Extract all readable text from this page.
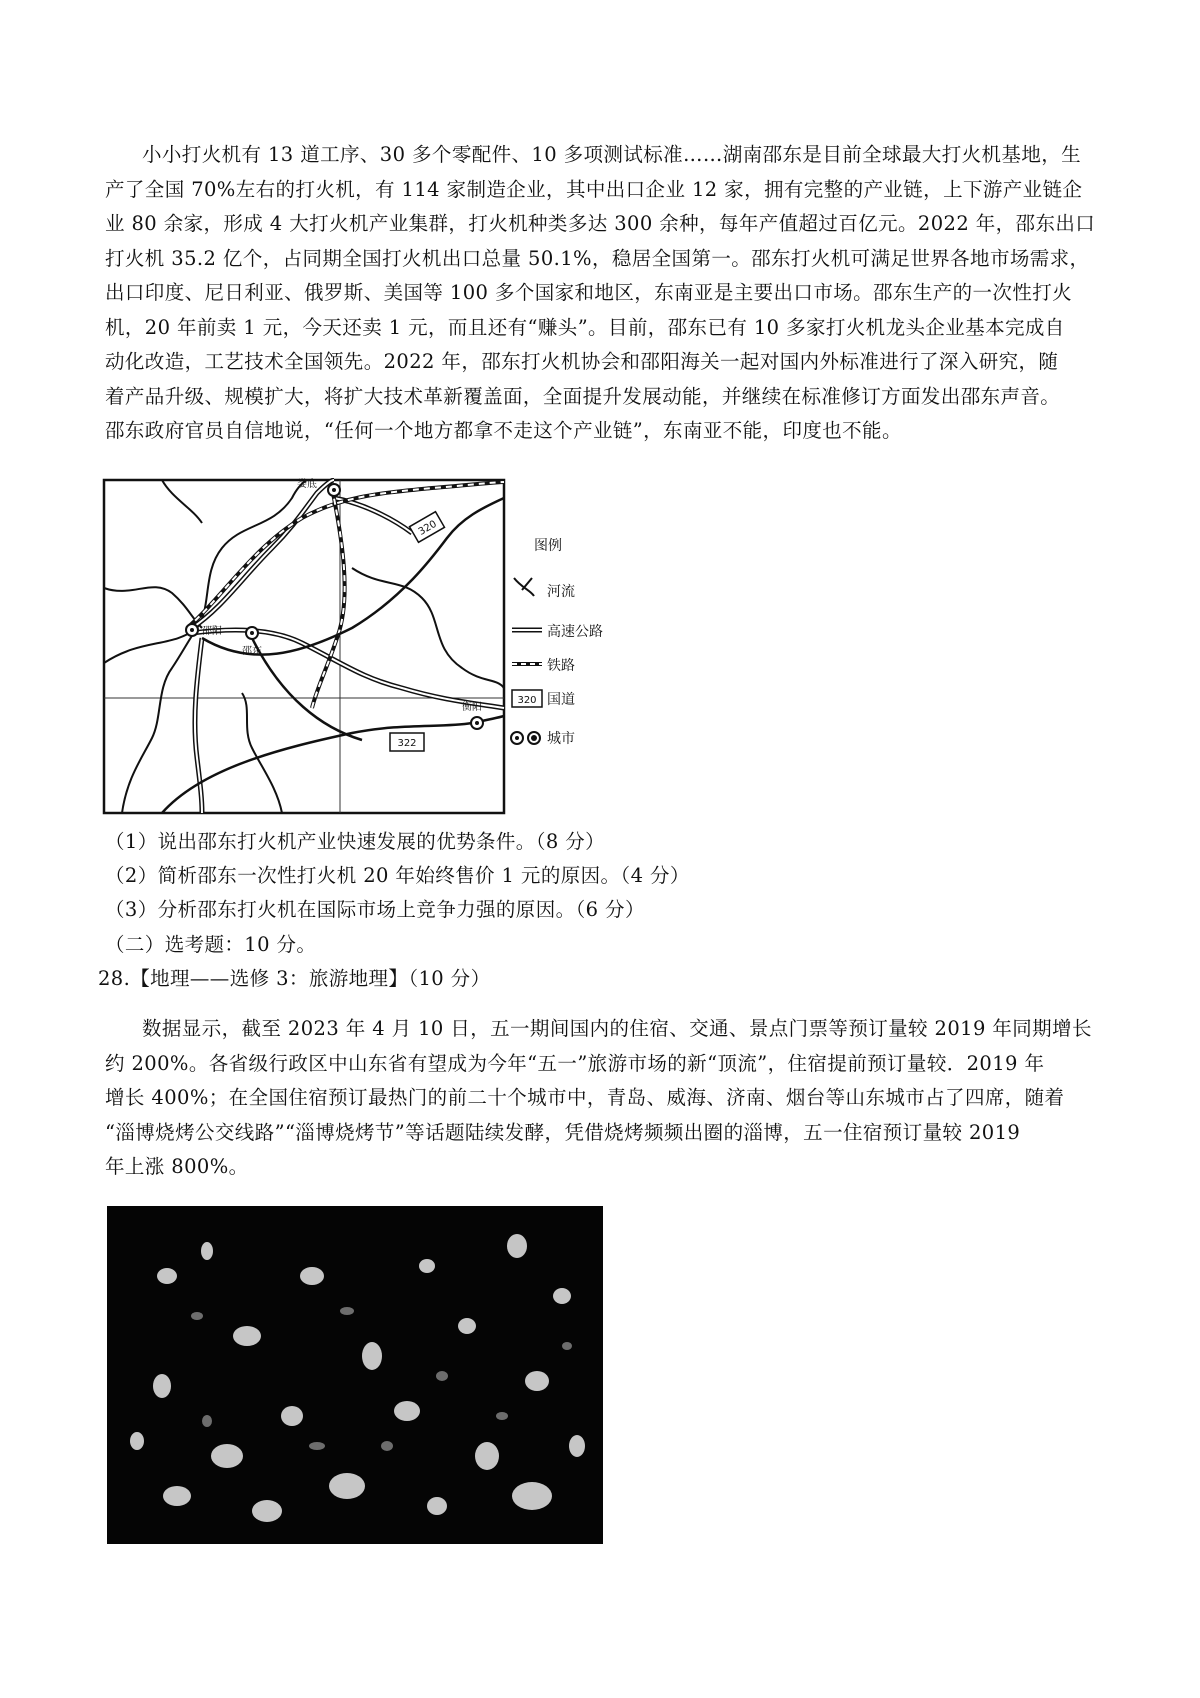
小小打火机有 13 道工序、30 多个零配件、10 多项测试标准……湖南邵东是目前全球最大打火机基地，生
产了全国 70%左右的打火机，有 114 家制造企业，其中出口企业 12 家，拥有完整的产业链，上下游产业链企
业 80 余家，形成 4 大打火机产业集群，打火机种类多达 300 余种，每年产值超过百亿元。2022 年，邵东出口
打火机 35.2 亿个，占同期全国打火机出口总量 50.1%，稳居全国第一。邵东打火机可满足世界各地市场需求，
出口印度、尼日利亚、俄罗斯、美国等 100 多个国家和地区，东南亚是主要出口市场。邵东生产的一次性打火
机，20 年前卖 1 元，今天还卖 1 元，而且还有“赚头”。目前，邵东已有 10 多家打火机龙头企业基本完成自
动化改造，工艺技术全国领先。2022 年，邵东打火机协会和邵阳海关一起对国内外标准进行了深入研究，随
着产品升级、规模扩大，将扩大技术革新覆盖面，全面提升发展动能，并继续在标准修订方面发出邵东声音。
邵东政府官员自信地说，“任何一个地方都拿不走这个产业链”，东南亚不能，印度也不能。
320
322
娄底
邵阳
邵东
衡阳
图例
河流
高速公路
铁路
320 国道
城市
（1）说出邵东打火机产业快速发展的优势条件。（8 分）
（2）简析邵东一次性打火机 20 年始终售价 1 元的原因。（4 分）
（3）分析邵东打火机在国际市场上竞争力强的原因。（6 分）
（二）选考题：10 分。
28.【地理——选修 3：旅游地理】（10 分）
数据显示，截至 2023 年 4 月 10 日，五一期间国内的住宿、交通、景点门票等预订量较 2019 年同期增长
约 200%。各省级行政区中山东省有望成为今年“五一”旅游市场的新“顶流”，住宿提前预订量较．2019 年
增长 400%；在全国住宿预订最热门的前二十个城市中，青岛、威海、济南、烟台等山东城市占了四席，随着
“淄博烧烤公交线路”“淄博烧烤节”等话题陆续发酵，凭借烧烤频频出圈的淄博，五一住宿预订量较 2019
年上涨 800%。
